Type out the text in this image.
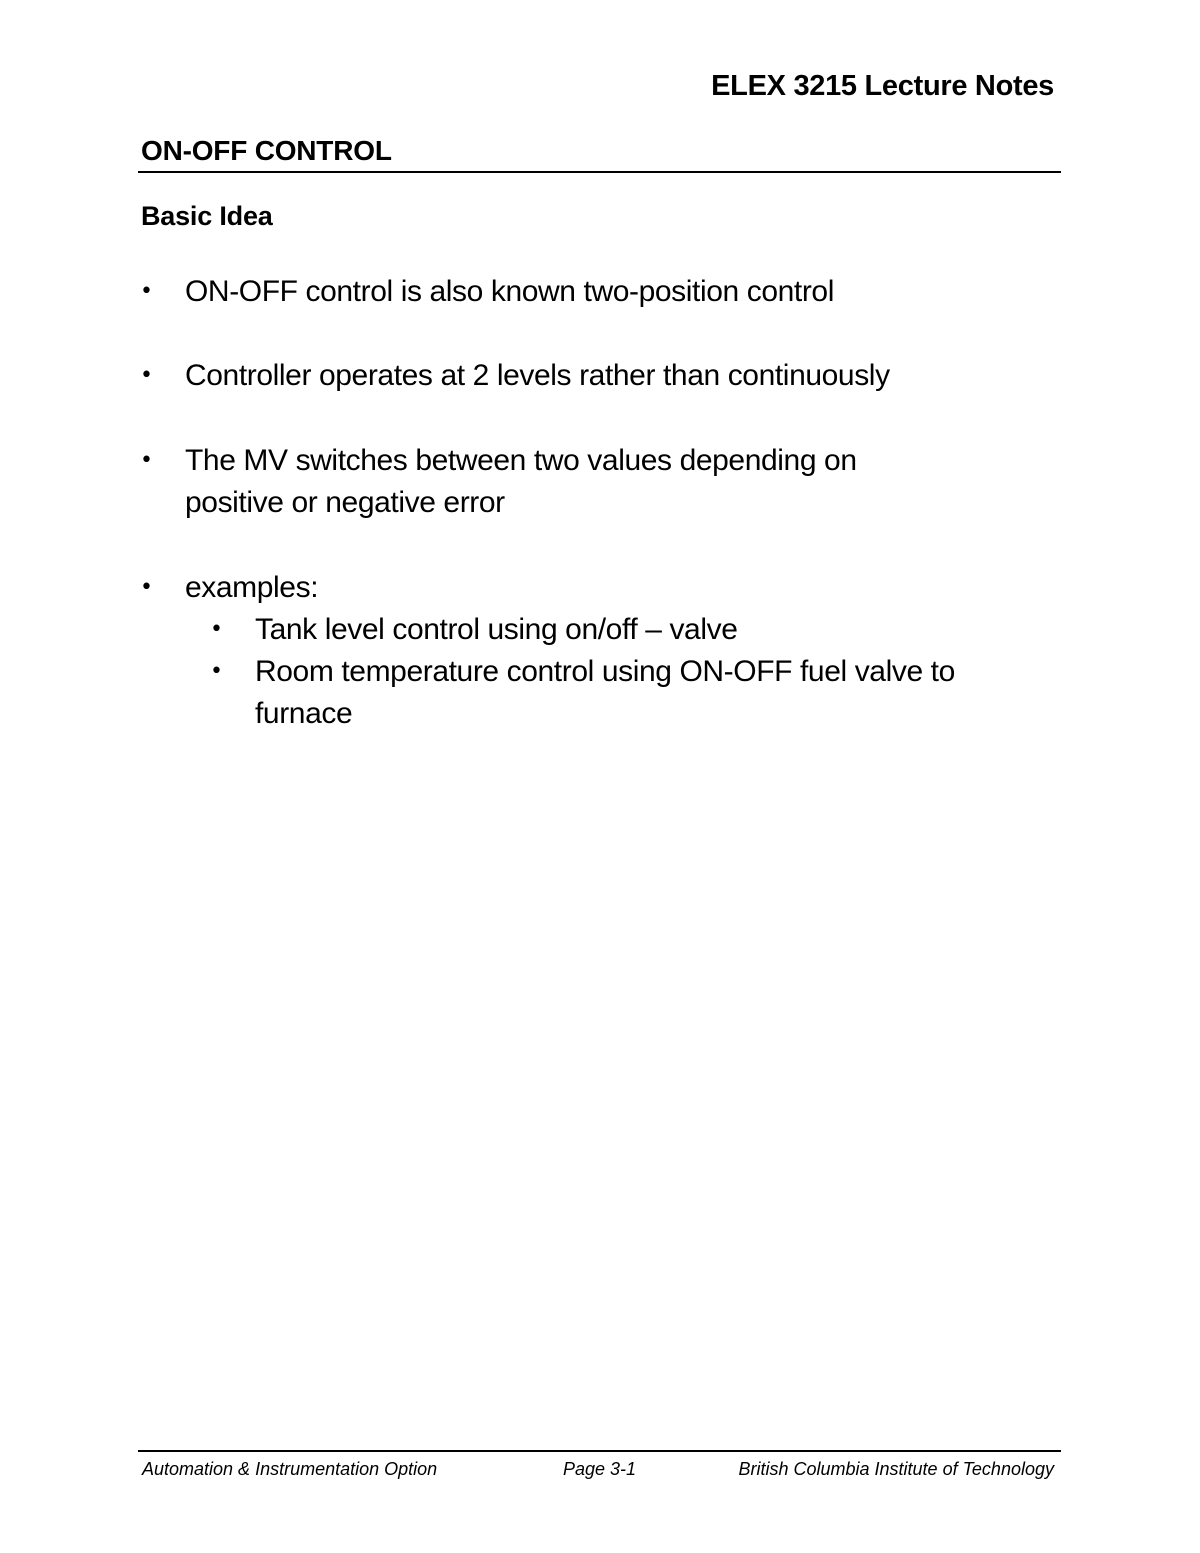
ELEX 3215 Lecture Notes
ON-OFF CONTROL
Basic Idea
• ON-OFF control is also known two-position control
• Controller operates at 2 levels rather than continuously
• The MV switches between two values depending on
positive or negative error
• examples:
• Tank level control using on/off – valve
• Room temperature control using ON-OFF fuel valve to
furnace
Automation & Instrumentation Option	Page 3-1	British Columbia Institute of Technology
